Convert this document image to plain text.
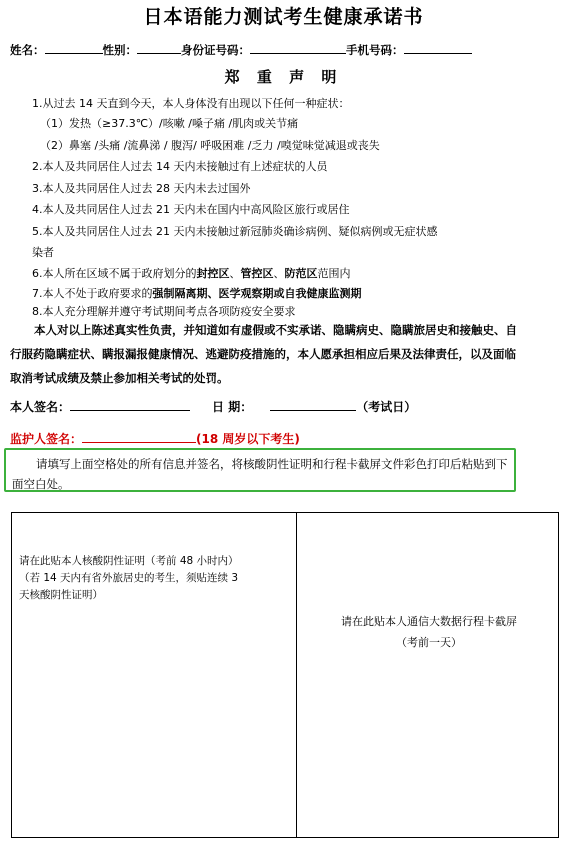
日本语能力测试考生健康承诺书
姓名：	性别：	身份证号码：	手机号码：
郑 重 声 明
1.从过去 14 天直到今天，本人身体没有出现以下任何一种症状：
（1）发热（≥37.3℃）/咳嗽 /嗓子痛 /肌肉或关节痛
（2）鼻塞 /头痛 /流鼻涕 / 腹泻/ 呼吸困难 /乏力 /嗅觉味觉减退或丧失
2.本人及共同居住人过去 14 天内未接触过有上述症状的人员
3.本人及共同居住人过去 28 天内未去过国外
4.本人及共同居住人过去 21 天内未在国内中高风险区旅行或居住
5.本人及共同居住人过去 21 天内未接触过新冠肺炎确诊病例、疑似病例或无症状感
染者
6.本人所在区域不属于政府划分的封控区、管控区、防范区范围内
7.本人不处于政府要求的强制隔离期、医学观察期或自我健康监测期
8.本人充分理解并遵守考试期间考点各项防疫安全要求
本人对以上陈述真实性负责，并知道如有虚假或不实承诺、隐瞒病史、隐瞒旅居史和接触史、自行服药隐瞒症状、瞒报漏报健康情况、逃避防疫措施的，本人愿承担相应后果及法律责任，以及面临取消考试成绩及禁止参加相关考试的处罚。
本人签名：	日 期：	（考试日）
监护人签名：	(18 周岁以下考生)
请填写上面空格处的所有信息并签名，将核酸阴性证明和行程卡截屏文件彩色打印后粘贴到下面空白处。
请在此贴本人核酸阴性证明（考前 48 小时内）
（若 14 天内有省外旅居史的考生，须贴连续 3
天核酸阴性证明）
请在此贴本人通信大数据行程卡截屏
（考前一天）
